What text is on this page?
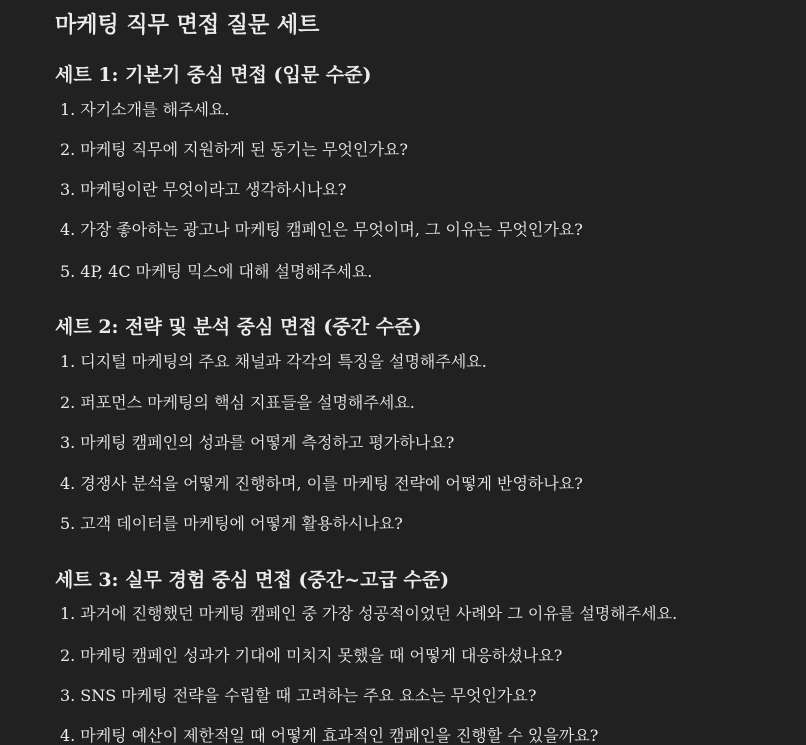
마케팅 직무 면접 질문 세트
세트 1: 기본기 중심 면접 (입문 수준)
1. 자기소개를 해주세요.
2. 마케팅 직무에 지원하게 된 동기는 무엇인가요?
3. 마케팅이란 무엇이라고 생각하시나요?
4. 가장 좋아하는 광고나 마케팅 캠페인은 무엇이며, 그 이유는 무엇인가요?
5. 4P, 4C 마케팅 믹스에 대해 설명해주세요.
세트 2: 전략 및 분석 중심 면접 (중간 수준)
1. 디지털 마케팅의 주요 채널과 각각의 특징을 설명해주세요.
2. 퍼포먼스 마케팅의 핵심 지표들을 설명해주세요.
3. 마케팅 캠페인의 성과를 어떻게 측정하고 평가하나요?
4. 경쟁사 분석을 어떻게 진행하며, 이를 마케팅 전략에 어떻게 반영하나요?
5. 고객 데이터를 마케팅에 어떻게 활용하시나요?
세트 3: 실무 경험 중심 면접 (중간~고급 수준)
1. 과거에 진행했던 마케팅 캠페인 중 가장 성공적이었던 사례와 그 이유를 설명해주세요.
2. 마케팅 캠페인 성과가 기대에 미치지 못했을 때 어떻게 대응하셨나요?
3. SNS 마케팅 전략을 수립할 때 고려하는 주요 요소는 무엇인가요?
4. 마케팅 예산이 제한적일 때 어떻게 효과적인 캠페인을 진행할 수 있을까요?
